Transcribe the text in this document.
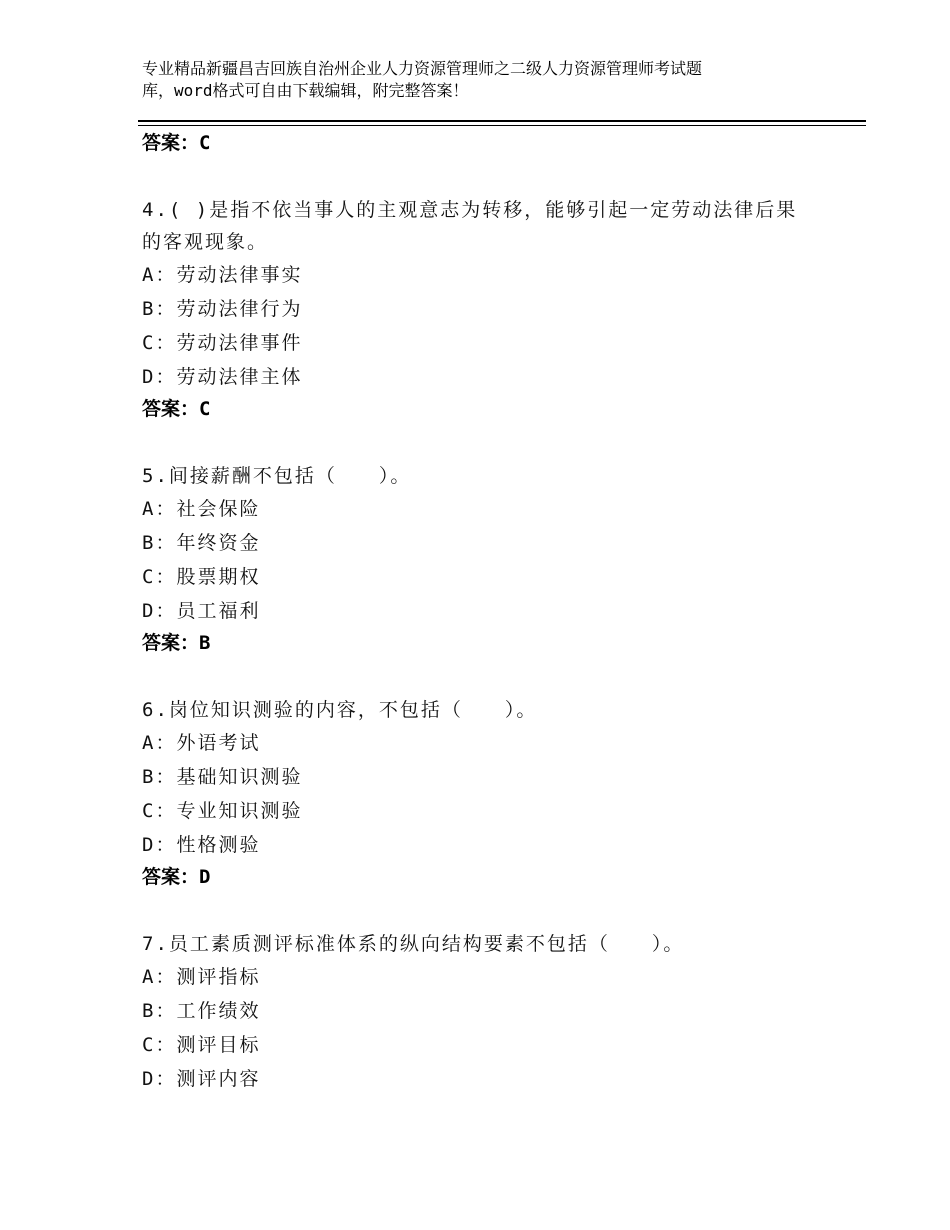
专业精品新疆昌吉回族自治州企业人力资源管理师之二级人力资源管理师考试题
库，word格式可自由下载编辑，附完整答案！
答案：C
4.( )是指不依当事人的主观意志为转移，能够引起一定劳动法律后果
的客观现象。
A：劳动法律事实
B：劳动法律行为
C：劳动法律事件
D：劳动法律主体
答案：C
5.间接薪酬不包括（　　）。
A：社会保险
B：年终资金
C：股票期权
D：员工福利
答案：B
6.岗位知识测验的内容，不包括（　　）。
A：外语考试
B：基础知识测验
C：专业知识测验
D：性格测验
答案：D
7.员工素质测评标准体系的纵向结构要素不包括（　　）。
A：测评指标
B：工作绩效
C：测评目标
D：测评内容
